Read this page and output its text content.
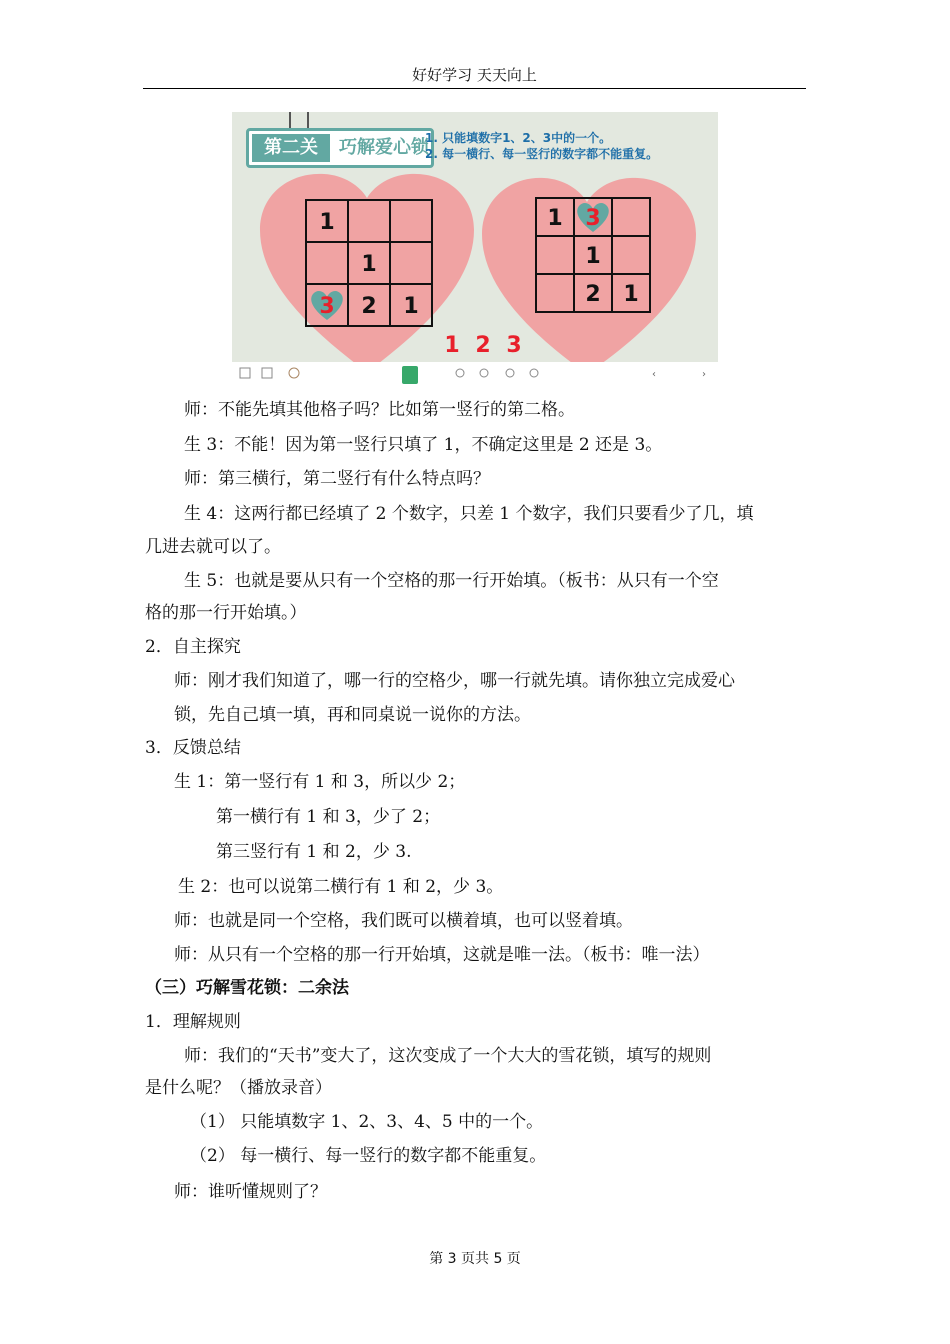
好好学习 天天向上
1
1
3 2 1
1 3
1
2 1
1 2 3
‹	›
第二关	巧解爱心锁
1. 只能填数字1、2、3中的一个。
2. 每一横行、每一竖行的数字都不能重复。
师：不能先填其他格子吗？比如第一竖行的第二格。
生 3：不能！因为第一竖行只填了 1，不确定这里是 2 还是 3。
师：第三横行，第二竖行有什么特点吗？
生 4：这两行都已经填了 2 个数字，只差 1 个数字，我们只要看少了几，填
几进去就可以了。
生 5：也就是要从只有一个空格的那一行开始填。（板书：从只有一个空
格的那一行开始填。）
2．自主探究
师：刚才我们知道了，哪一行的空格少，哪一行就先填。请你独立完成爱心
锁，先自己填一填，再和同桌说一说你的方法。
3．反馈总结
生 1：第一竖行有 1 和 3，所以少 2；
第一横行有 1 和 3，少了 2；
第三竖行有 1 和 2，少 3.
生 2：也可以说第二横行有 1 和 2，少 3。
师：也就是同一个空格，我们既可以横着填，也可以竖着填。
师：从只有一个空格的那一行开始填，这就是唯一法。（板书：唯一法）
（三）巧解雪花锁：二余法
1．理解规则
师：我们的“天书”变大了，这次变成了一个大大的雪花锁，填写的规则
是什么呢？（播放录音）
（1） 只能填数字 1、2、3、4、5 中的一个。
（2） 每一横行、每一竖行的数字都不能重复。
师：谁听懂规则了？
第 3 页共 5 页
